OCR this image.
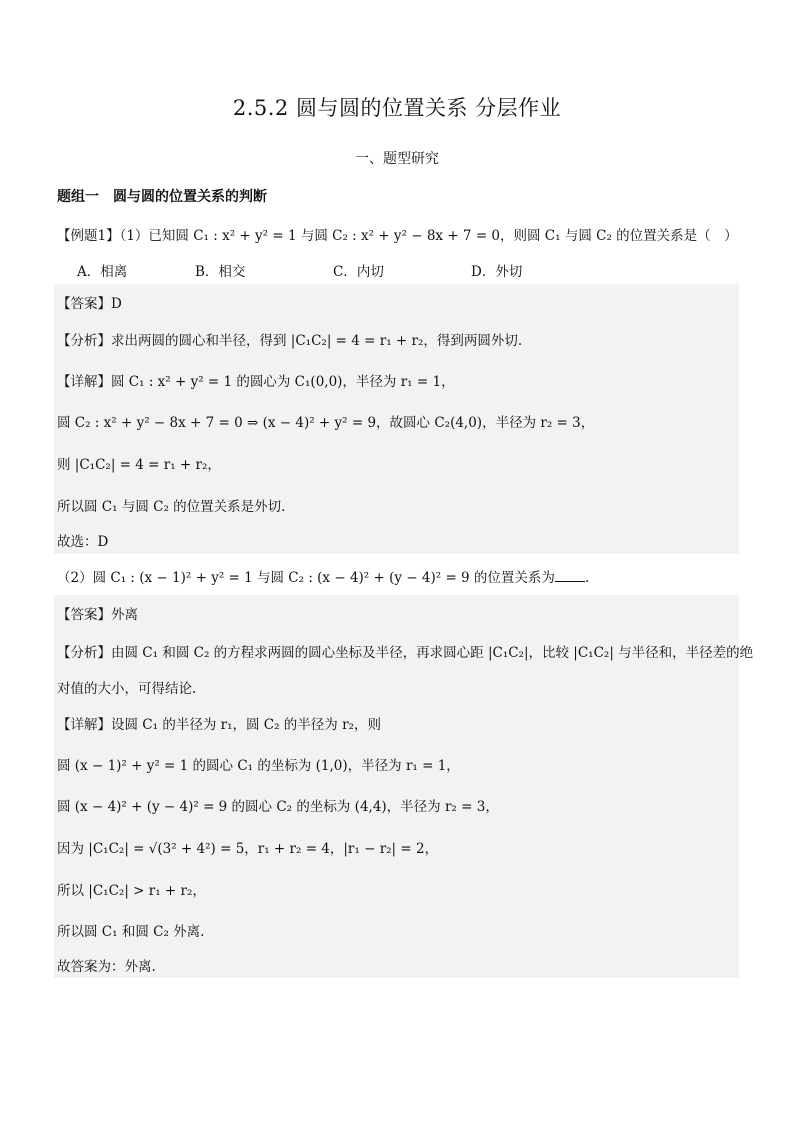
2.5.2 圆与圆的位置关系 分层作业
一、题型研究
题组一　圆与圆的位置关系的判断
【例题1】（1）已知圆 C₁ : x² + y² = 1 与圆 C₂ : x² + y² − 8x + 7 = 0，则圆 C₁ 与圆 C₂ 的位置关系是（　）
A．相离	B．相交	C．内切	D．外切
【答案】D
【分析】求出两圆的圆心和半径，得到 |C₁C₂| = 4 = r₁ + r₂，得到两圆外切.
【详解】圆 C₁ : x² + y² = 1 的圆心为 C₁(0,0)，半径为 r₁ = 1，
圆 C₂ : x² + y² − 8x + 7 = 0 ⇒ (x − 4)² + y² = 9，故圆心 C₂(4,0)，半径为 r₂ = 3，
则 |C₁C₂| = 4 = r₁ + r₂，
所以圆 C₁ 与圆 C₂ 的位置关系是外切.
故选：D
（2）圆 C₁ : (x − 1)² + y² = 1 与圆 C₂ : (x − 4)² + (y − 4)² = 9 的位置关系为 .
【答案】外离
【分析】由圆 C₁ 和圆 C₂ 的方程求两圆的圆心坐标及半径，再求圆心距 |C₁C₂|，比较 |C₁C₂| 与半径和，半径差的绝
对值的大小，可得结论.
【详解】设圆 C₁ 的半径为 r₁，圆 C₂ 的半径为 r₂，则
圆 (x − 1)² + y² = 1 的圆心 C₁ 的坐标为 (1,0)，半径为 r₁ = 1，
圆 (x − 4)² + (y − 4)² = 9 的圆心 C₂ 的坐标为 (4,4)，半径为 r₂ = 3，
因为 |C₁C₂| = √(3² + 4²) = 5，r₁ + r₂ = 4，|r₁ − r₂| = 2，
所以 |C₁C₂| > r₁ + r₂，
所以圆 C₁ 和圆 C₂ 外离.
故答案为：外离.
